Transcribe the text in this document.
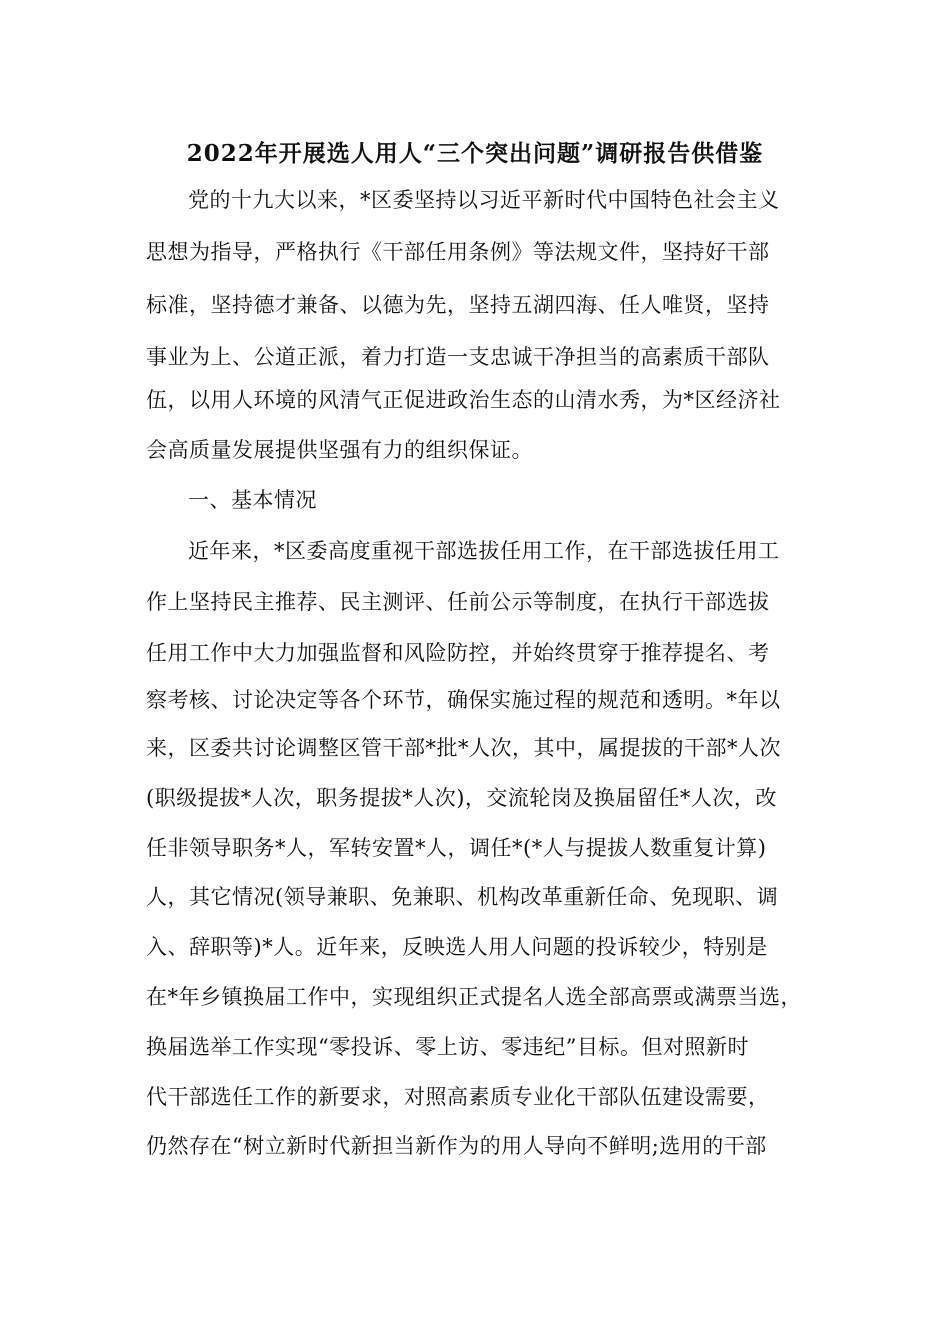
2022年开展选人用人“三个突出问题”调研报告供借鉴
党的十九大以来，*区委坚持以习近平新时代中国特色社会主义
思想为指导，严格执行《干部任用条例》等法规文件，坚持好干部
标准，坚持德才兼备、以德为先，坚持五湖四海、任人唯贤，坚持
事业为上、公道正派，着力打造一支忠诚干净担当的高素质干部队
伍，以用人环境的风清气正促进政治生态的山清水秀，为*区经济社
会高质量发展提供坚强有力的组织保证。
一、基本情况
近年来，*区委高度重视干部选拔任用工作，在干部选拔任用工
作上坚持民主推荐、民主测评、任前公示等制度，在执行干部选拔
任用工作中大力加强监督和风险防控，并始终贯穿于推荐提名、考
察考核、讨论决定等各个环节，确保实施过程的规范和透明。*年以
来，区委共讨论调整区管干部*批*人次，其中，属提拔的干部*人次
(职级提拔*人次，职务提拔*人次)，交流轮岗及换届留任*人次，改
任非领导职务*人，军转安置*人，调任*(*人与提拔人数重复计算)
人，其它情况(领导兼职、免兼职、机构改革重新任命、免现职、调
入、辞职等)*人。近年来，反映选人用人问题的投诉较少，特别是
在*年乡镇换届工作中，实现组织正式提名人选全部高票或满票当选，
换届选举工作实现“零投诉、零上访、零违纪”目标。但对照新时
代干部选任工作的新要求，对照高素质专业化干部队伍建设需要，
仍然存在“树立新时代新担当新作为的用人导向不鲜明;选用的干部
